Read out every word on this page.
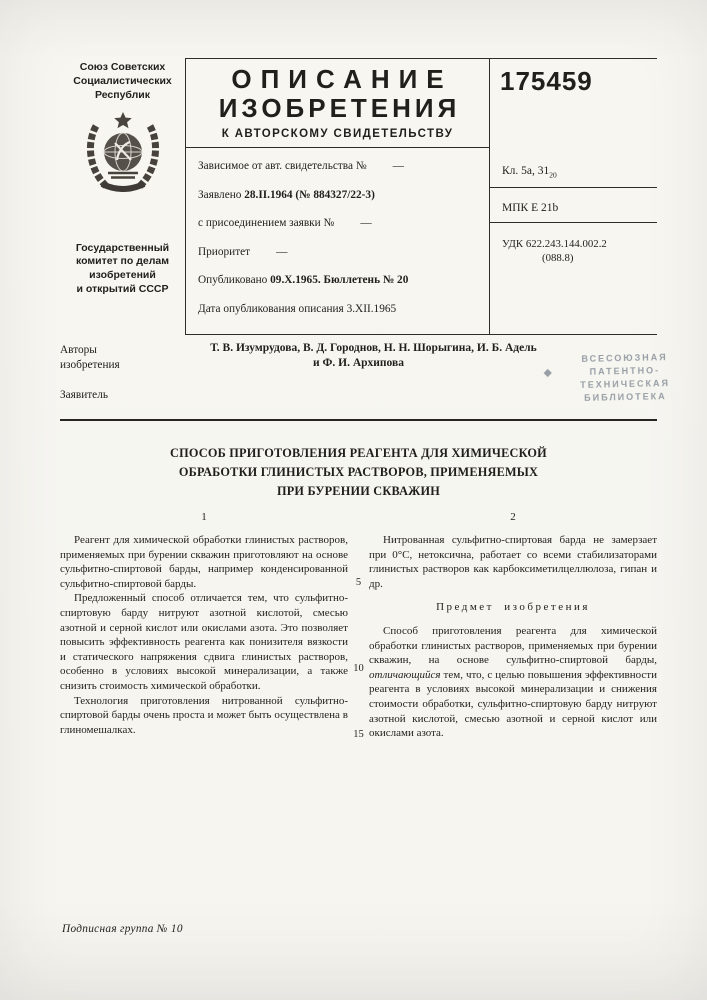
Союз Советских
Социалистических
Республик
Государственный
комитет по делам
изобретений
и открытий СССР
ОПИСАНИЕ
ИЗОБРЕТЕНИЯ
К АВТОРСКОМУ СВИДЕТЕЛЬСТВУ
Зависимое от авт. свидетельства № —
Заявлено 28.II.1964 (№ 884327/22-3)
с присоединением заявки № —
Приоритет —
Опубликовано 09.X.1965. Бюллетень № 20
Дата опубликования описания 3.XII.1965
175459
Кл. 5а, $31_{20}$
МПК Е 21b
УДК 622.243.144.002.2
(088.8)
Авторы
изобретения
Т. В. Изумрудова, В. Д. Городнов, Н. Н. Шорыгина, И. Б. Адель
и Ф. И. Архипова
Заявитель
◆
ВСЕСОЮЗНАЯ
ПАТЕНТНО-
ТЕХНИЧЕСКАЯ
БИБЛИОТЕКА
СПОСОБ ПРИГОТОВЛЕНИЯ РЕАГЕНТА ДЛЯ ХИМИЧЕСКОЙ
ОБРАБОТКИ ГЛИНИСТЫХ РАСТВОРОВ, ПРИМЕНЯЕМЫХ
ПРИ БУРЕНИИ СКВАЖИН
1	2

Реагент для химической обработки глинистых растворов, применяемых при бурении скважин приготовляют на основе сульфитно-спиртовой барды, например конденсированной сульфитно-спиртовой барды.

Предложенный способ отличается тем, что сульфитно-спиртовую барду нитруют азотной кислотой, смесью азотной и серной кислот или окислами азота. Это позволяет повысить эффективность реагента как понизителя вязкости и статического напряжения сдвига глинистых растворов, особенно в условиях высокой минерализации, а также снизить стоимость химической обработки.

Технология приготовления нитрованной сульфитно-спиртовой барды очень проста и может быть осуществлена в глиномешалках.

5
10
15

Нитрованная сульфитно-спиртовая барда не замерзает при 0°С, нетоксична, работает со всеми стабилизаторами глинистых растворов как карбоксиметилцеллюлоза, гипан и др.

Предмет изобретения

Способ приготовления реагента для химической обработки глинистых растворов, применяемых при бурении скважин, на основе сульфитно-спиртовой барды, отличающийся тем, что, с целью повышения эффективности реагента в условиях высокой минерализации и снижения стоимости обработки, сульфитно-спиртовую барду нитруют азотной кислотой, смесью азотной и серной кислот или окислами азота.

Подписная группа № 10
